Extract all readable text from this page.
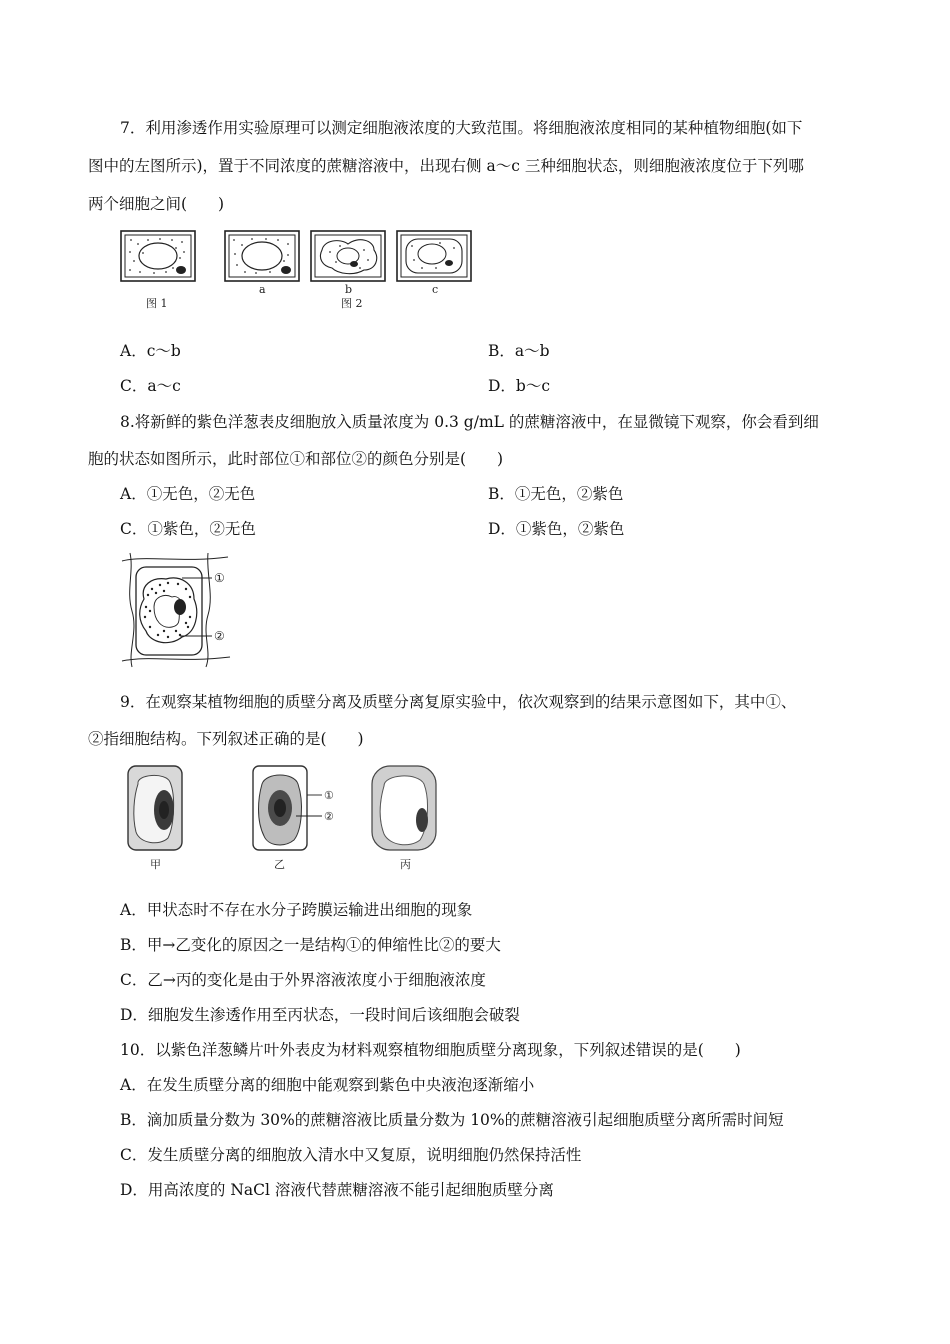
7．利用渗透作用实验原理可以测定细胞液浓度的大致范围。将细胞液浓度相同的某种植物细胞(如下
图中的左图所示)，置于不同浓度的蔗糖溶液中，出现右侧 a～c 三种细胞状态，则细胞液浓度位于下列哪
两个细胞之间(　　)
图 1
a	b
图 2
c
A．c～b	B．a～b
C．a～c	D．b～c
8.将新鲜的紫色洋葱表皮细胞放入质量浓度为 0.3 g/mL 的蔗糖溶液中，在显微镜下观察，你会看到细
胞的状态如图所示，此时部位①和部位②的颜色分别是(　　)
A．①无色，②无色	B．①无色，②紫色
C．①紫色，②无色	D．①紫色，②紫色
①
②
9．在观察某植物细胞的质壁分离及质壁分离复原实验中，依次观察到的结果示意图如下，其中①、
②指细胞结构。下列叙述正确的是(　　)
①
②
甲	乙	丙
A．甲状态时不存在水分子跨膜运输进出细胞的现象
B．甲→乙变化的原因之一是结构①的伸缩性比②的要大
C．乙→丙的变化是由于外界溶液浓度小于细胞液浓度
D．细胞发生渗透作用至丙状态，一段时间后该细胞会破裂
10．以紫色洋葱鳞片叶外表皮为材料观察植物细胞质壁分离现象，下列叙述错误的是(　　)
A．在发生质壁分离的细胞中能观察到紫色中央液泡逐渐缩小
B．滴加质量分数为 30%的蔗糖溶液比质量分数为 10%的蔗糖溶液引起细胞质壁分离所需时间短
C．发生质壁分离的细胞放入清水中又复原，说明细胞仍然保持活性
D．用高浓度的 NaCl 溶液代替蔗糖溶液不能引起细胞质壁分离
